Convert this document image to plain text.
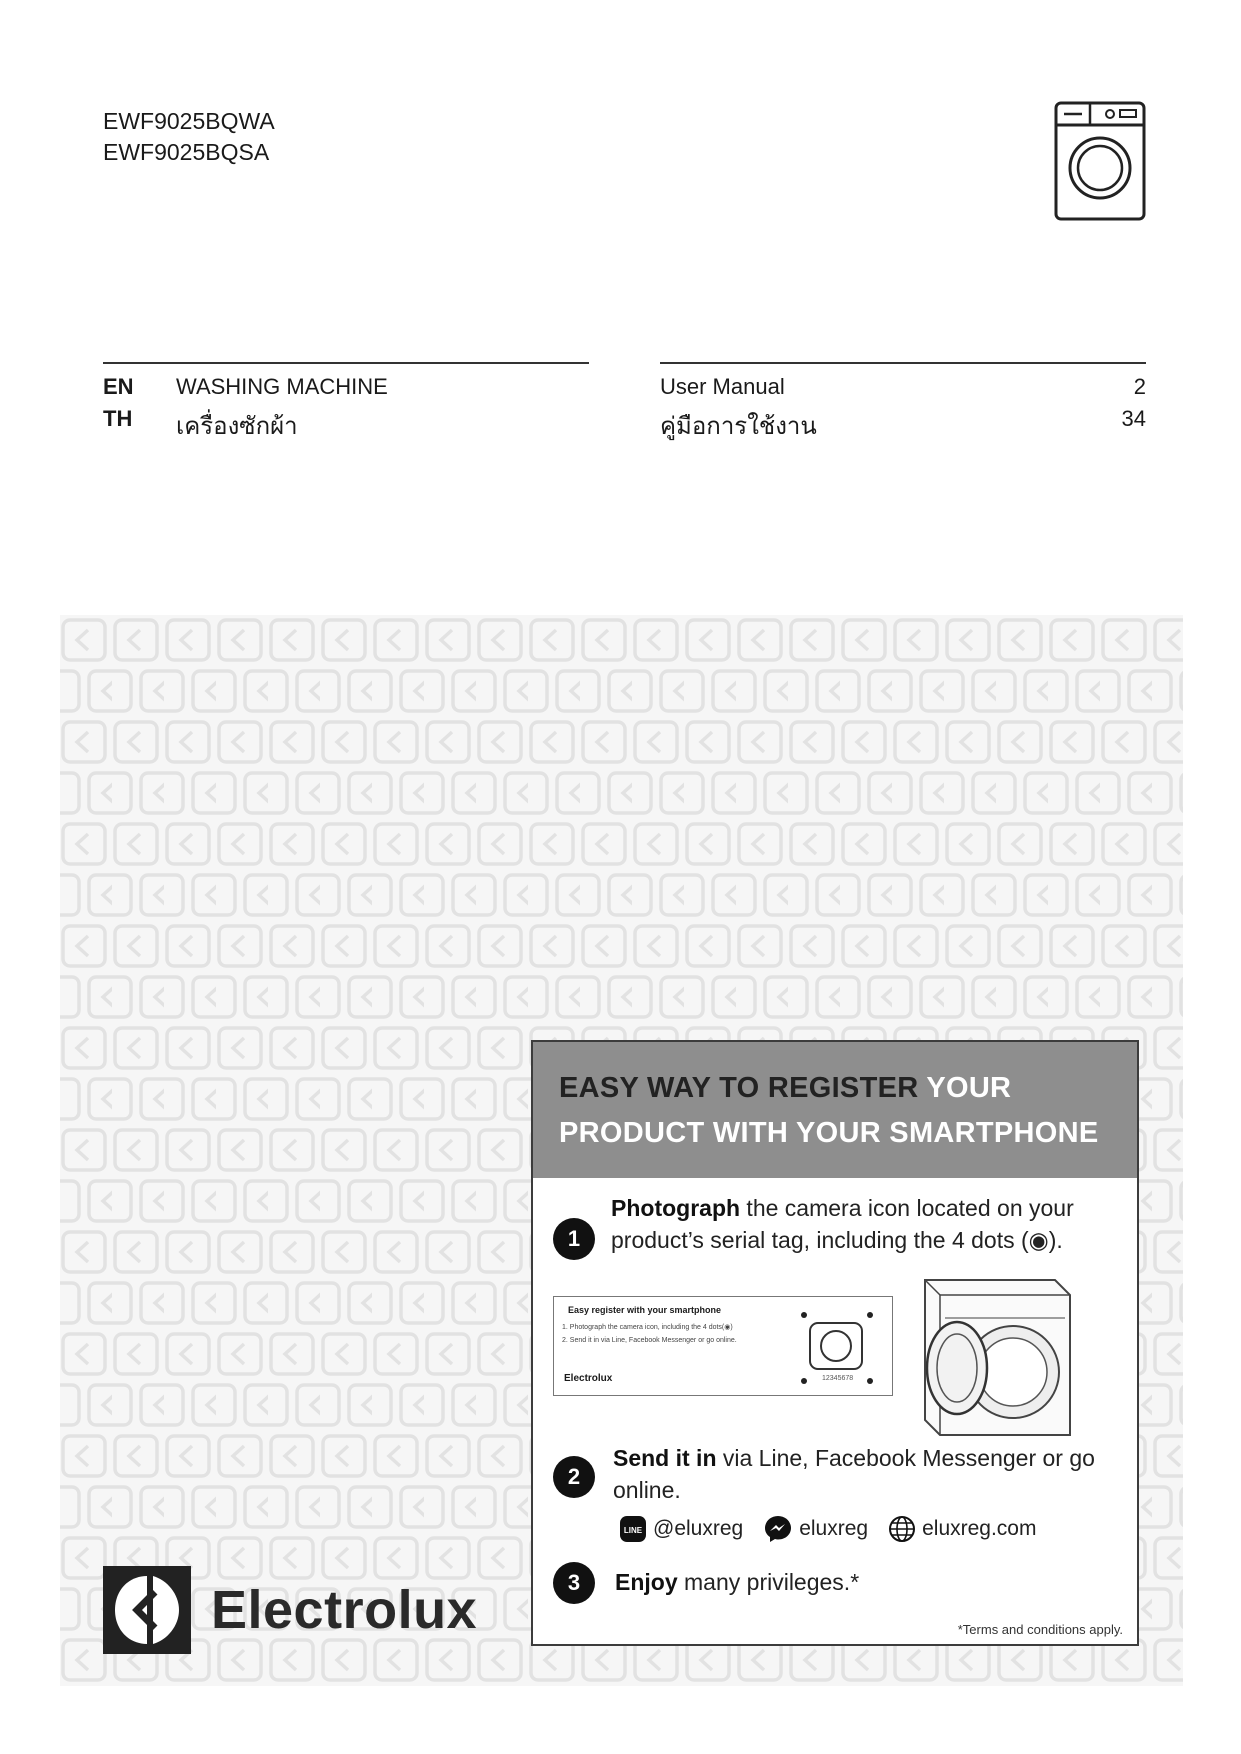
EWF9025BQWA
EWF9025BQSA
EN WASHING MACHINE	User Manual	2
TH เครื่องซักผ้า	คู่มือการใช้งาน	34
EASY WAY TO REGISTER YOUR
PRODUCT WITH YOUR SMARTPHONE
1
Photograph the camera icon located on your product’s serial tag, including the 4 dots (◉).
Easy register with your smartphone
1. Photograph the camera icon, including the 4 dots(◉)
2. Send it in via Line, Facebook Messenger or go online.
Electrolux	12345678
2
Send it in via Line, Facebook Messenger or go online.
LINE @eluxreg	eluxreg	eluxreg.com
3	Enjoy many privileges.*
*Terms and conditions apply.
Electrolux
